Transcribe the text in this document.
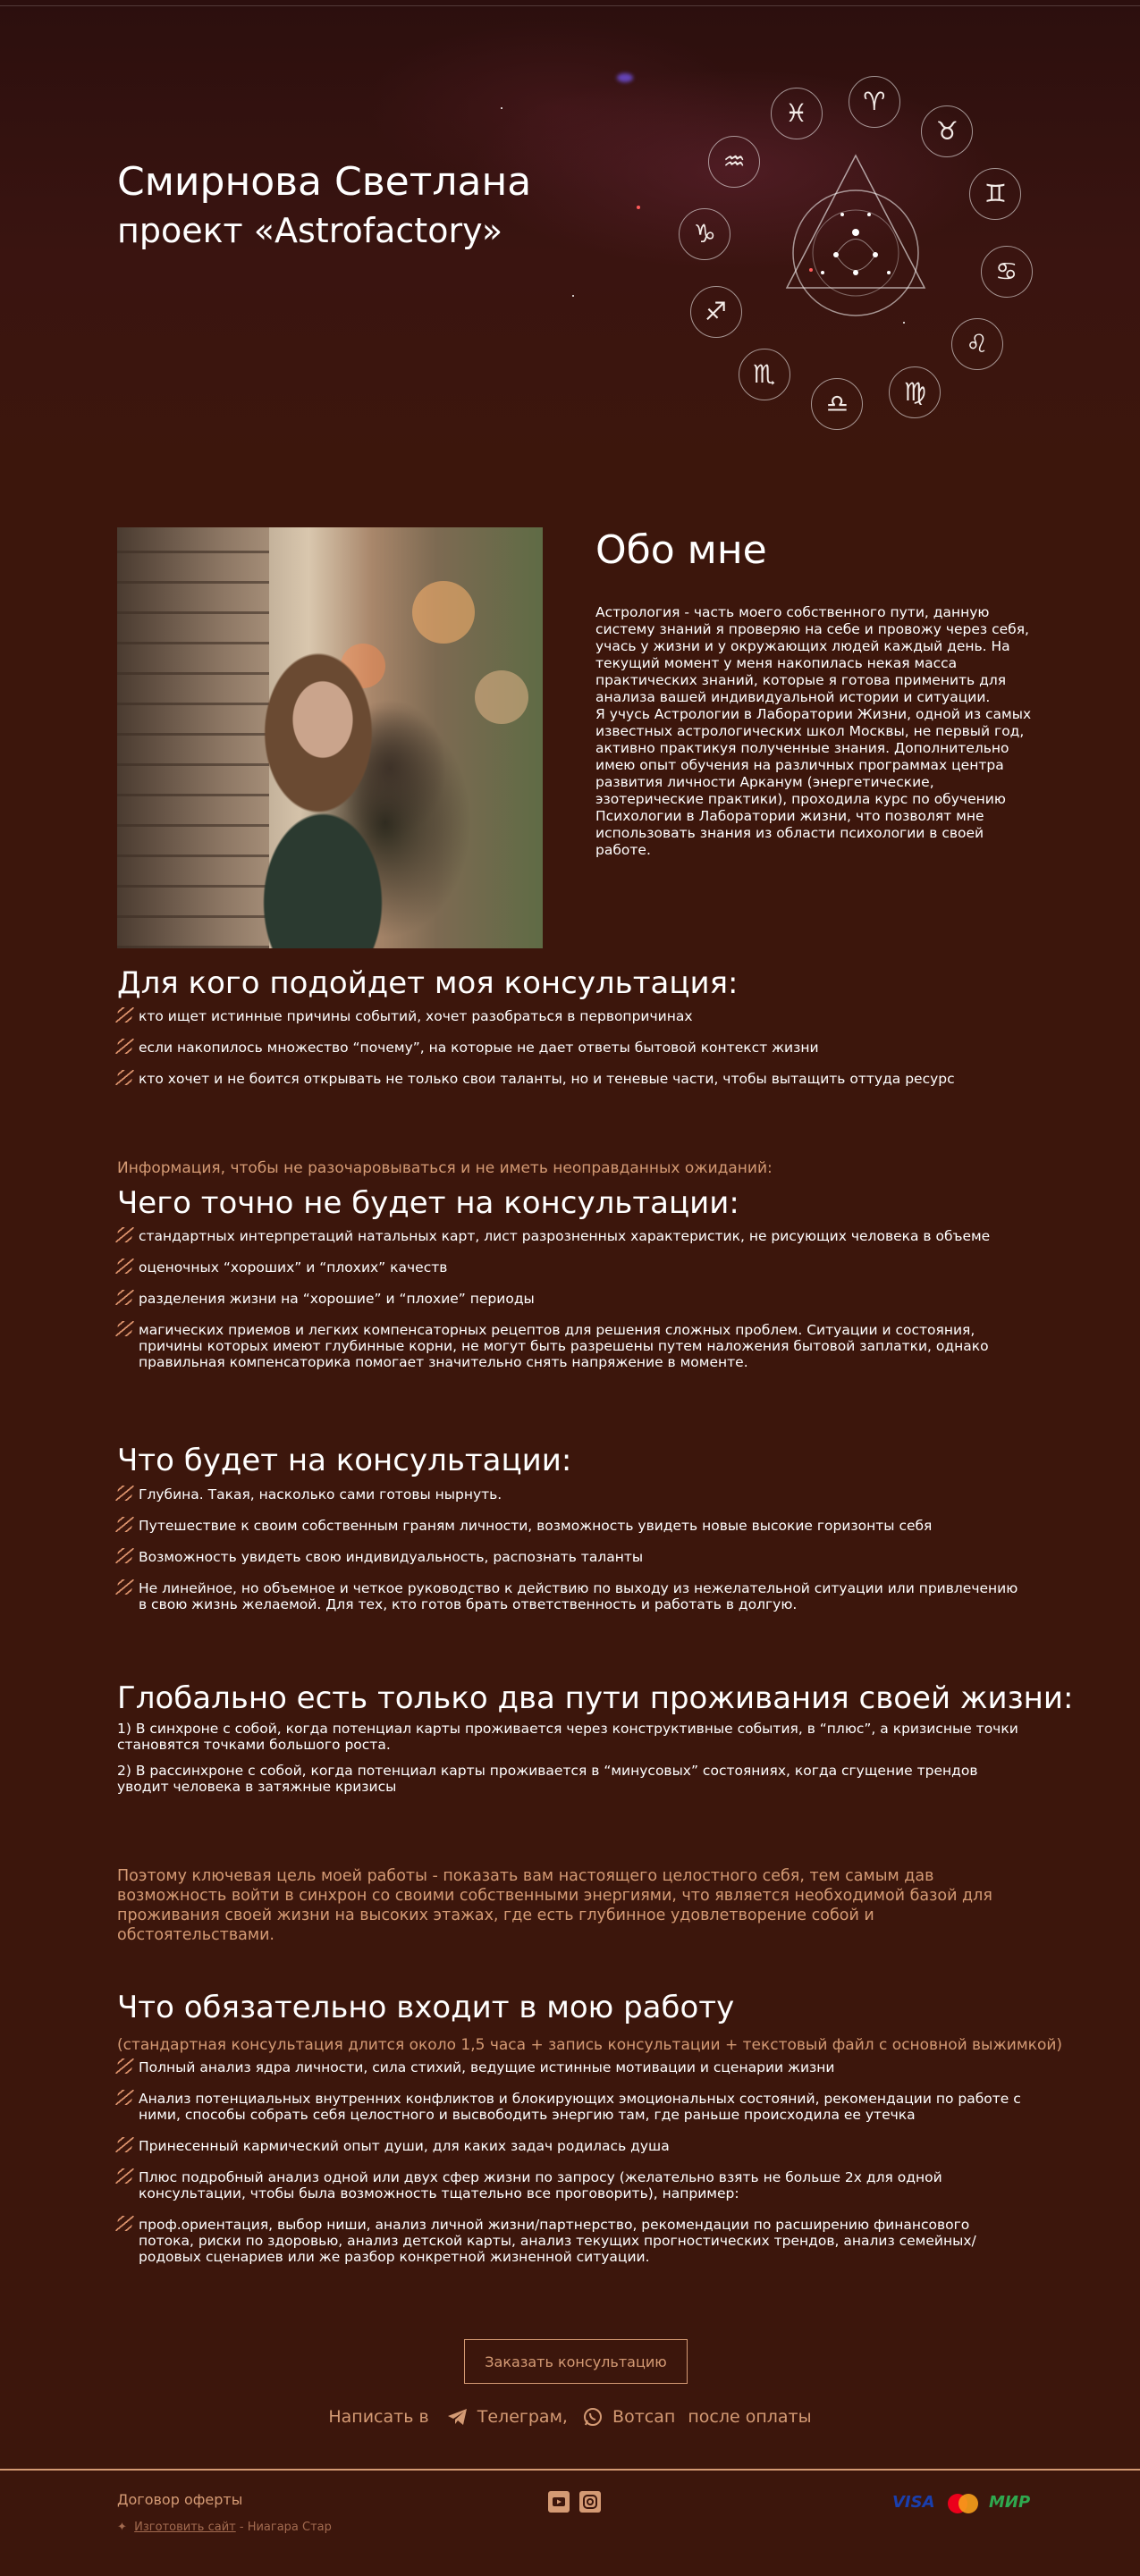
Смирнова Светлана
проект «Astrofactory»
♈
♉
♊
♋
♌
♍
♎
♏
♐
♑
♒
♓
Обо мне
Астрология - часть моего собственного пути, данную систему знаний я проверяю на себе и провожу через себя, учась у жизни и у окружающих людей каждый день. На текущий момент у меня накопилась некая масса практических знаний, которые я готова применить для анализа вашей индивидуальной истории и ситуации.
Я учусь Астрологии в Лаборатории Жизни, одной из самых известных астрологических школ Москвы, не первый год, активно практикуя полученные знания. Дополнительно имею опыт обучения на различных программах центра развития личности Арканум (энергетические, эзотерические практики), проходила курс по обучению Психологии в Лаборатории жизни, что позволят мне использовать знания из области психологии в своей работе.
Для кого подойдет моя консультация:
кто ищет истинные причины событий, хочет разобраться в первопричинах
если накопилось множество “почему”, на которые не дает ответы бытовой контекст жизни
кто хочет и не боится открывать не только свои таланты, но и теневые части, чтобы вытащить оттуда ресурс
Информация, чтобы не разочаровываться и не иметь неоправданных ожиданий:
Чего точно не будет на консультации:
стандартных интерпретаций натальных карт, лист разрозненных характеристик, не рисующих человека в объеме
оценочных “хороших” и “плохих” качеств
разделения жизни на “хорошие” и “плохие” периоды
магических приемов и легких компенсаторных рецептов для решения сложных проблем. Ситуации и состояния, причины которых имеют глубинные корни, не могут быть разрешены путем наложения бытовой заплатки, однако правильная компенсаторика помогает значительно снять напряжение в моменте.
Что будет на консультации:
Глубина. Такая, насколько сами готовы нырнуть.
Путешествие к своим собственным граням личности, возможность увидеть новые высокие горизонты себя
Возможность увидеть свою индивидуальность, распознать таланты
Не линейное, но объемное и четкое руководство к действию по выходу из нежелательной ситуации или привлечению в свою жизнь желаемой. Для тех, кто готов брать ответственность и работать в долгую.
Глобально есть только два пути проживания своей жизни:
1) В синхроне с собой, когда потенциал карты проживается через конструктивные события, в “плюс”, а кризисные точки становятся точками большого роста.
2) В рассинхроне с собой, когда потенциал карты проживается в “минусовых” состояниях, когда сгущение трендов уводит человека в затяжные кризисы
Поэтому ключевая цель моей работы - показать вам настоящего целостного себя, тем самым дав возможность войти в синхрон со своими собственными энергиями, что является необходимой базой для проживания своей жизни на высоких этажах, где есть глубинное удовлетворение собой и обстоятельствами.
Что обязательно входит в мою работу
(стандартная консультация длится около 1,5 часа + запись консультации + текстовый файл с основной выжимкой)
Полный анализ ядра личности, сила стихий, ведущие истинные мотивации и сценарии жизни
Анализ потенциальных внутренних конфликтов и блокирующих эмоциональных состояний, рекомендации по работе с ними, способы собрать себя целостного и высвободить энергию там, где раньше происходила ее утечка
Принесенный кармический опыт души, для каких задач родилась душа
Плюс подробный анализ одной или двух сфер жизни по запросу (желательно взять не больше 2х для одной консультации, чтобы была возможность тщательно все проговорить), например:
проф.ориентация, выбор ниши, анализ личной жизни/партнерство, рекомендации по расширению финансового потока, риски по здоровью, анализ детской карты, анализ текущих прогностических трендов, анализ семейных/родовых сценариев или же разбор конкретной жизненной ситуации.
Заказать консультацию
Написать в	Телеграм,	Вотсап после оплаты
Договор оферты
✦  Изготовить сайт - Ниагара Стар
VISA	МИР
